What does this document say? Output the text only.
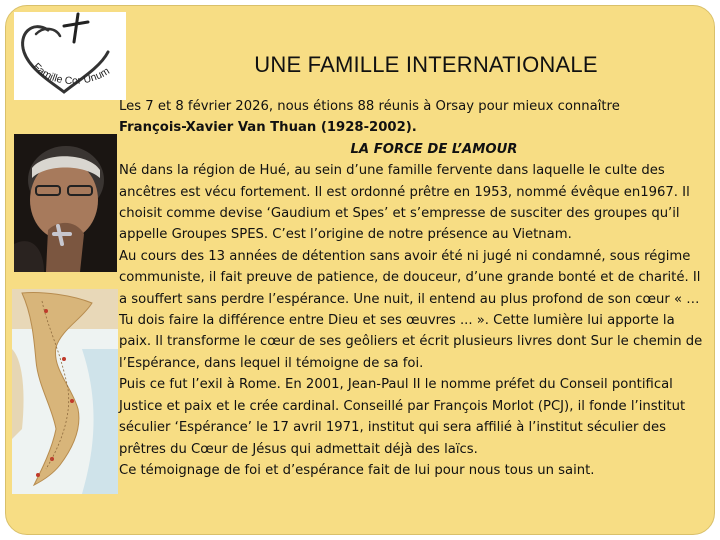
Famille Cor Unum	UNE FAMILLE INTERNATIONALE

Les 7 et 8 février 2026, nous étions 88 réunis à Orsay pour mieux connaître
François-Xavier Van Thuan (1928-2002).

LA FORCE DE L’AMOUR

Né dans la région de Hué, au sein d’une famille fervente dans laquelle le culte des ancêtres est vécu fortement. Il est ordonné prêtre en 1953, nommé évêque en1967. Il choisit comme devise ‘Gaudium et Spes’ et s’empresse de susciter des groupes qu’il appelle Groupes SPES. C’est l’origine de notre présence au Vietnam.

Au cours des 13 années de détention sans avoir été ni jugé ni condamné, sous régime communiste, il fait preuve de patience, de douceur, d’une grande bonté et de charité. Il a souffert sans perdre l’espérance. Une nuit, il entend au plus profond de son cœur « … Tu dois faire la différence entre Dieu et ses œuvres ... ». Cette lumière lui apporte la paix. Il transforme le cœur de ses geôliers et écrit plusieurs livres dont Sur le chemin de l’Espérance, dans lequel il témoigne de sa foi.

Puis ce fut l’exil à Rome. En 2001, Jean-Paul II le nomme préfet du Conseil pontifical Justice et paix et le crée cardinal. Conseillé par François Morlot (PCJ), il fonde l’institut séculier ‘Espérance’ le 17 avril 1971, institut qui sera affilié à l’institut séculier des prêtres du Cœur de Jésus qui admettait déjà des laïcs.

Ce témoignage de foi et d’espérance fait de lui pour nous tous un saint.
